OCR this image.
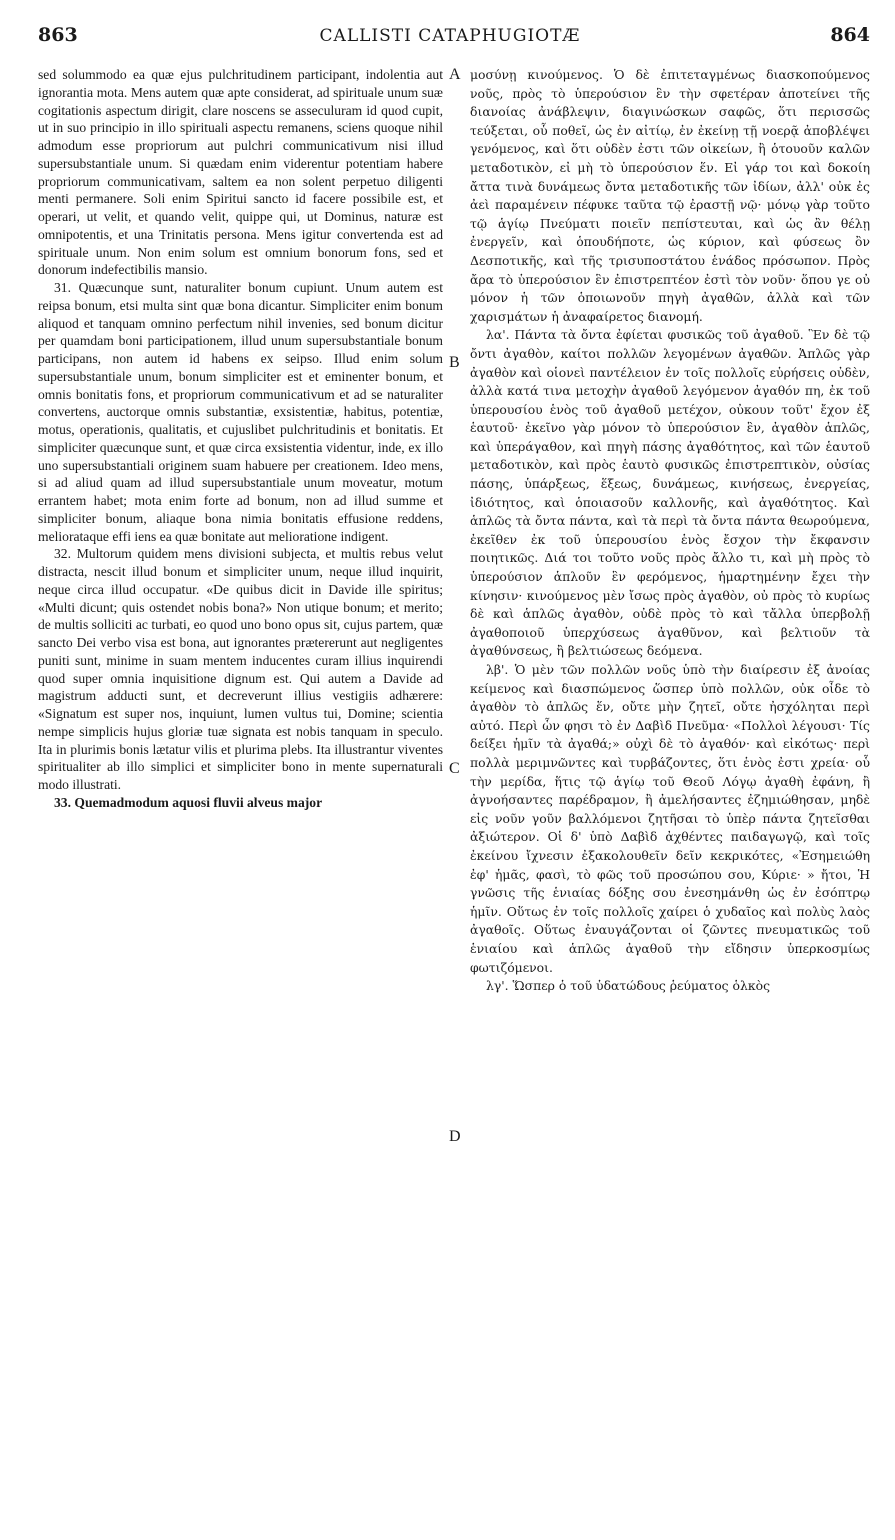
863	CALLISTI CATAPHUGIOTÆ	864

sed solummodo ea quæ ejus pulchritudinem participant, indolentia aut ignorantia mota. Mens autem quæ apte considerat, ad spirituale unum suæ cogitationis aspectum dirigit, clare noscens se asseculuram id quod cupit, ut in suo principio in illo spirituali aspectu remanens, sciens quoque nihil admodum esse propriorum aut pulchri communicativum nisi illud supersubstantiale unum. Si quædam enim viderentur potentiam habere propriorum communicativam, saltem ea non solent perpetuo diligenti menti permanere. Soli enim Spiritui sancto id facere possibile est, et operari, ut velit, et quando velit, quippe qui, ut Dominus, naturæ est omnipotentis, et una Trinitatis persona. Mens igitur convertenda est ad spirituale unum. Non enim solum est omnium bonorum fons, sed et donorum indefectibilis mansio.

31. Quæcunque sunt, naturaliter bonum cupiunt. Unum autem est reipsa bonum, etsi multa sint quæ bona dicantur. Simpliciter enim bonum aliquod et tanquam omnino perfectum nihil invenies, sed bonum dicitur per quamdam boni participationem, illud unum supersubstantiale bonum participans, non autem id habens ex seipso. Illud enim solum supersubstantiale unum, bonum simpliciter est et eminenter bonum, et omnis bonitatis fons, et propriorum communicativum et ad se naturaliter convertens, auctorque omnis substantiæ, exsistentiæ, habitus, potentiæ, motus, operationis, qualitatis, et cujuslibet pulchritudinis et bonitatis. Et simpliciter quæcunque sunt, et quæ circa exsistentia videntur, inde, ex illo uno supersubstantiali originem suam habuere per creationem. Ideo mens, si ad aliud quam ad illud supersubstantiale unum moveatur, motum errantem habet; mota enim forte ad bonum, non ad illud summe et simpliciter bonum, aliaque bona nimia bonitatis effusione reddens, meliorataque effi iens ea quæ bonitate aut melioratione indigent.

32. Multorum quidem mens divisioni subjecta, et multis rebus velut distracta, nescit illud bonum et simpliciter unum, neque illud inquirit, neque circa illud occupatur. «De quibus dicit in Davide ille spiritus; «Multi dicunt; quis ostendet nobis bona?» Non utique bonum; et merito; de multis solliciti ac turbati, eo quod uno bono opus sit, cujus partem, quæ sancto Dei verbo visa est bona, aut ignorantes prætererunt aut negligentes puniti sunt, minime in suam mentem inducentes curam illius inquirendi quod super omnia inquisitione dignum est. Qui autem a Davide ad magistrum adducti sunt, et decreverunt illius vestigiis adhærere: «Signatum est super nos, inquiunt, lumen vultus tui, Domine; scientia nempe simplicis hujus gloriæ tuæ signata est nobis tanquam in speculo. Ita in plurimis bonis lætatur vilis et plurima plebs. Ita illustrantur viventes spiritualiter ab illo simplici et simpliciter bono in mente supernaturali modo illustrati.

33. Quemadmodum aquosi fluvii alveus major

A
B
C
D

μοσύνῃ κινούμενος. Ὁ δὲ ἐπιτεταγμένως διασκοπούμενος νοῦς, πρὸς τὸ ὑπερούσιον ἓν τὴν σφετέραν ἀποτείνει τῆς διανοίας ἀνάβλεψιν, διαγινώσκων σαφῶς, ὅτι περισσῶς τεύξεται, οὗ ποθεῖ, ὡς ἐν αἰτίῳ, ἐν ἐκείνῃ τῇ νοερᾷ ἀποβλέψει γενόμενος, καὶ ὅτι οὐδὲν ἐστι τῶν οἰκείων, ἢ ὁτουοῦν καλῶν μεταδοτικὸν, εἰ μὴ τὸ ὑπερούσιον ἕν. Εἰ γάρ τοι καὶ δοκοίη ἄττα τινὰ δυνάμεως ὄντα μεταδοτικῆς τῶν ἰδίων, ἀλλ' οὐκ ἐς ἀεὶ παραμένειν πέφυκε ταῦτα τῷ ἐραστῇ νῷ· μόνῳ γὰρ τοῦτο τῷ ἁγίῳ Πνεύματι ποιεῖν πεπίστευται, καὶ ὡς ἂν θέλῃ ἐνεργεῖν, καὶ ὁπουδήποτε, ὡς κύριον, καὶ φύσεως ὂν Δεσποτικῆς, καὶ τῆς τρισυποστάτου ἑνάδος πρόσωπον. Πρὸς ἄρα τὸ ὑπερούσιον ἓν ἐπιστρεπτέον ἐστὶ τὸν νοῦν· ὅπου γε οὐ μόνον ἡ τῶν ὁποιωνοῦν πηγὴ ἀγαθῶν, ἀλλὰ καὶ τῶν χαρισμάτων ἡ ἀναφαίρετος διανομή.

λα'. Πάντα τὰ ὄντα ἐφίεται φυσικῶς τοῦ ἀγαθοῦ. Ἓν δὲ τῷ ὄντι ἀγαθὸν, καίτοι πολλῶν λεγομένων ἀγαθῶν. Ἁπλῶς γὰρ ἀγαθὸν καὶ οἱονεὶ παντέλειον ἐν τοῖς πολλοῖς εὑρήσεις οὐδὲν, ἀλλὰ κατά τινα μετοχὴν ἀγαθοῦ λεγόμενον ἀγαθόν πη, ἐκ τοῦ ὑπερουσίου ἑνὸς τοῦ ἀγαθοῦ μετέχον, οὐκουν τοῦτ' ἔχον ἐξ ἑαυτοῦ· ἐκεῖνο γὰρ μόνον τὸ ὑπερούσιον ἓν, ἀγαθὸν ἁπλῶς, καὶ ὑπεράγαθον, καὶ πηγὴ πάσης ἀγαθότητος, καὶ τῶν ἑαυτοῦ μεταδοτικὸν, καὶ πρὸς ἑαυτὸ φυσικῶς ἐπιστρεπτικὸν, οὐσίας πάσης, ὑπάρξεως, ἕξεως, δυνάμεως, κινήσεως, ἐνεργείας, ἰδιότητος, καὶ ὁποιασοῦν καλλονῆς, καὶ ἀγαθότητος. Καὶ ἁπλῶς τὰ ὄντα πάντα, καὶ τὰ περὶ τὰ ὄντα πάντα θεωρούμενα, ἐκεῖθεν ἐκ τοῦ ὑπερουσίου ἑνὸς ἔσχον τὴν ἔκφανσιν ποιητικῶς. Διά τοι τοῦτο νοῦς πρὸς ἄλλο τι, καὶ μὴ πρὸς τὸ ὑπερούσιον ἁπλοῦν ἓν φερόμενος, ἡμαρτημένην ἔχει τὴν κίνησιν· κινούμενος μὲν ἴσως πρὸς ἀγαθὸν, οὐ πρὸς τὸ κυρίως δὲ καὶ ἁπλῶς ἀγαθὸν, οὐδὲ πρὸς τὸ καὶ τἄλλα ὑπερβολῇ ἀγαθοποιοῦ ὑπερχύσεως ἀγαθῦνον, καὶ βελτιοῦν τὰ ἀγαθύνσεως, ἢ βελτιώσεως δεόμενα.

λβ'. Ὁ μὲν τῶν πολλῶν νοῦς ὑπὸ τὴν διαίρεσιν ἐξ ἀνοίας κείμενος καὶ διασπώμενος ὥσπερ ὑπὸ πολλῶν, οὐκ οἶδε τὸ ἀγαθὸν τὸ ἁπλῶς ἕν, οὔτε μὴν ζητεῖ, οὔτε ἠσχόληται περὶ αὐτό. Περὶ ὧν φησι τὸ ἐν Δαβὶδ Πνεῦμα· «Πολλοὶ λέγουσι· Τίς δείξει ἡμῖν τὰ ἀγαθά;» οὐχὶ δὲ τὸ ἀγαθόν· καὶ εἰκότως· περὶ πολλὰ μεριμνῶντες καὶ τυρβάζοντες, ὅτι ἑνὸς ἐστι χρεία· οὗ τὴν μερίδα, ἥτις τῷ ἁγίῳ τοῦ Θεοῦ Λόγῳ ἀγαθὴ ἐφάνη, ἢ ἀγνοήσαντες παρέδραμον, ἢ ἀμελήσαντες ἐζημιώθησαν, μηδὲ εἰς νοῦν γοῦν βαλλόμενοι ζητῆσαι τὸ ὑπὲρ πάντα ζητεῖσθαι ἀξιώτερον. Οἱ δ' ὑπὸ Δαβὶδ ἀχθέντες παιδαγωγῷ, καὶ τοῖς ἐκείνου ἴχνεσιν ἐξακολουθεῖν δεῖν κεκρικότες, «Ἐσημειώθη ἐφ' ἡμᾶς, φασὶ, τὸ φῶς τοῦ προσώπου σου, Κύριε· » ἤτοι, Ἡ γνῶσις τῆς ἑνιαίας δόξης σου ἐνεσημάνθη ὡς ἐν ἐσόπτρῳ ἡμῖν. Οὕτως ἐν τοῖς πολλοῖς χαίρει ὁ χυδαῖος καὶ πολὺς λαὸς ἀγαθοῖς. Οὕτως ἐναυγάζονται οἱ ζῶντες πνευματικῶς τοῦ ἑνιαίου καὶ ἁπλῶς ἀγαθοῦ τὴν εἴδησιν ὑπερκοσμίως φωτιζόμενοι.

λγ'. Ὥσπερ ὁ τοῦ ὑδατώδους ῥεύματος ὁλκὸς
